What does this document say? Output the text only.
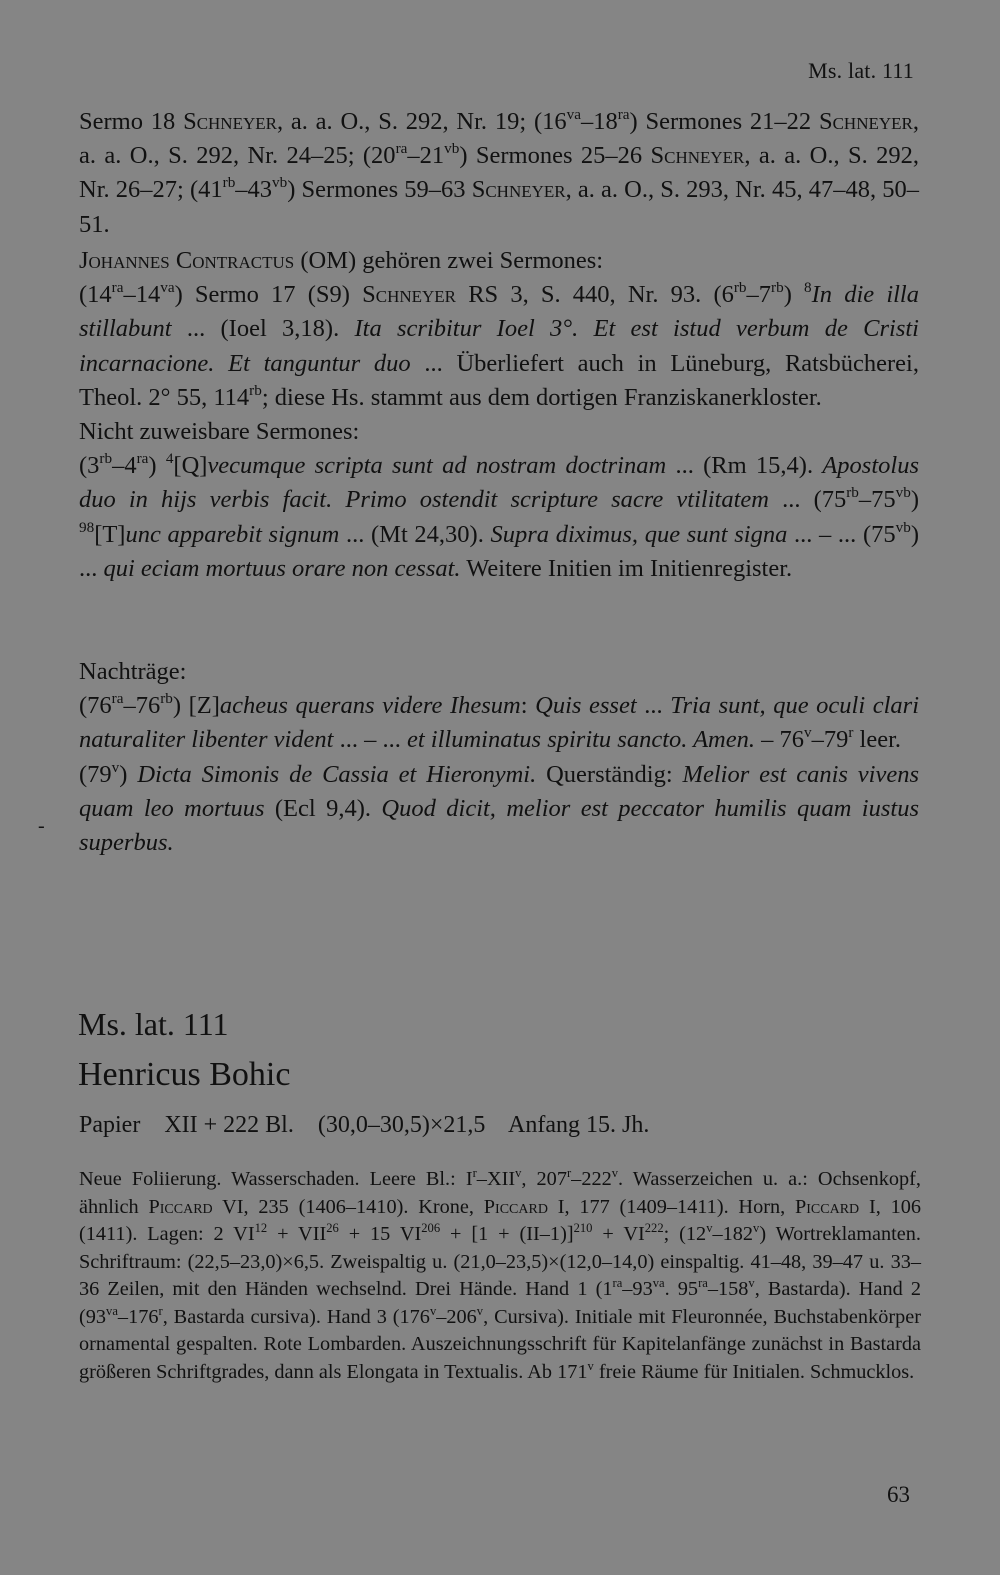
Ms. lat. 111

Sermo 18 Schneyer, a. a. O., S. 292, Nr. 19; $(16^{va}-18^{ra})$ Sermones 21–22 Schneyer, a. a. O., S. 292, Nr. 24–25; $(20^{ra}-21^{vb})$ Sermones 25–26 Schneyer, a. a. O., S. 292, Nr. 26–27; $(41^{rb}-43^{vb})$ Sermones 59–63 Schneyer, a. a. O., S. 293, Nr. 45, 47–48, 50–51.

Johannes Contractus (OM) gehören zwei Sermones:

$(14^{ra}-14^{va})$ Sermo 17 (S9) Schneyer RS 3, S. 440, Nr. 93. $(6^{rb}-7^{rb})$ $^8$In die illa stillabunt ... (Ioel 3,18). Ita scribitur Ioel 3°. Et est istud verbum de Cristi incarnacione. Et tanguntur duo ... Überliefert auch in Lüneburg, Ratsbücherei, Theol. 2° 55, $114^{rb}$; diese Hs. stammt aus dem dortigen Franziskanerkloster.

Nicht zuweisbare Sermones:

$(3^{rb}-4^{ra})$ $^4$[Q]vecumque scripta sunt ad nostram doctrinam ... (Rm 15,4). Apostolus duo in hijs verbis facit. Primo ostendit scripture sacre vtilitatem ... $(75^{rb}-75^{vb})$ $^{98}$[T]unc apparebit signum ... (Mt 24,30). Supra diximus, que sunt signa ... – ... $(75^{vb})$ ... qui eciam mortuus orare non cessat. Weitere Initien im Initienregister.

Nachträge:

$(76^{ra}-76^{rb})$ [Z]acheus querans videre Ihesum: Quis esset ... Tria sunt, que oculi clari naturaliter libenter vident ... – ... et illuminatus spiritu sancto. Amen. – 76$^v$–79$^r$ leer.

(79$^v$) Dicta Simonis de Cassia et Hieronymi. Querständig: Melior est canis vivens quam leo mortuus (Ecl 9,4). Quod dicit, melior est peccator humilis quam iustus superbus.

-
Ms. lat. 111
Henricus Bohic
Papier    XII + 222 Bl.    (30,0–30,5)×21,5    Anfang 15. Jh.

Neue Foliierung. Wasserschaden. Leere Bl.: $I^r-XII^v$, 207$^r$–222$^v$. Wasserzeichen u. a.: Ochsenkopf, ähnlich Piccard VI, 235 (1406–1410). Krone, Piccard I, 177 (1409–1411). Horn, Piccard I, 106 (1411). Lagen: 2 $VI^{12} + VII^{26} + 15$ $VI^{206} + [1 + (II-1)]^{210} + VI^{222}$; (12$^v$–182$^v$) Wortreklamanten. Schriftraum: (22,5–23,0)×6,5. Zweispaltig u. (21,0–23,5)×(12,0–14,0) einspaltig. 41–48, 39–47 u. 33–36 Zeilen, mit den Händen wechselnd. Drei Hände. Hand 1 ($1^{ra}-93^{va}$. $95^{ra}-158^v$, Bastarda). Hand 2 ($93^{va}-176^r$, Bastarda cursiva). Hand 3 (176$^v$–206$^v$, Cursiva). Initiale mit Fleuronnée, Buchstabenkörper ornamental gespalten. Rote Lombarden. Auszeichnungsschrift für Kapitelanfänge zunächst in Bastarda größeren Schriftgrades, dann als Elongata in Textualis. Ab 171$^v$ freie Räume für Initialen. Schmucklos.

63
